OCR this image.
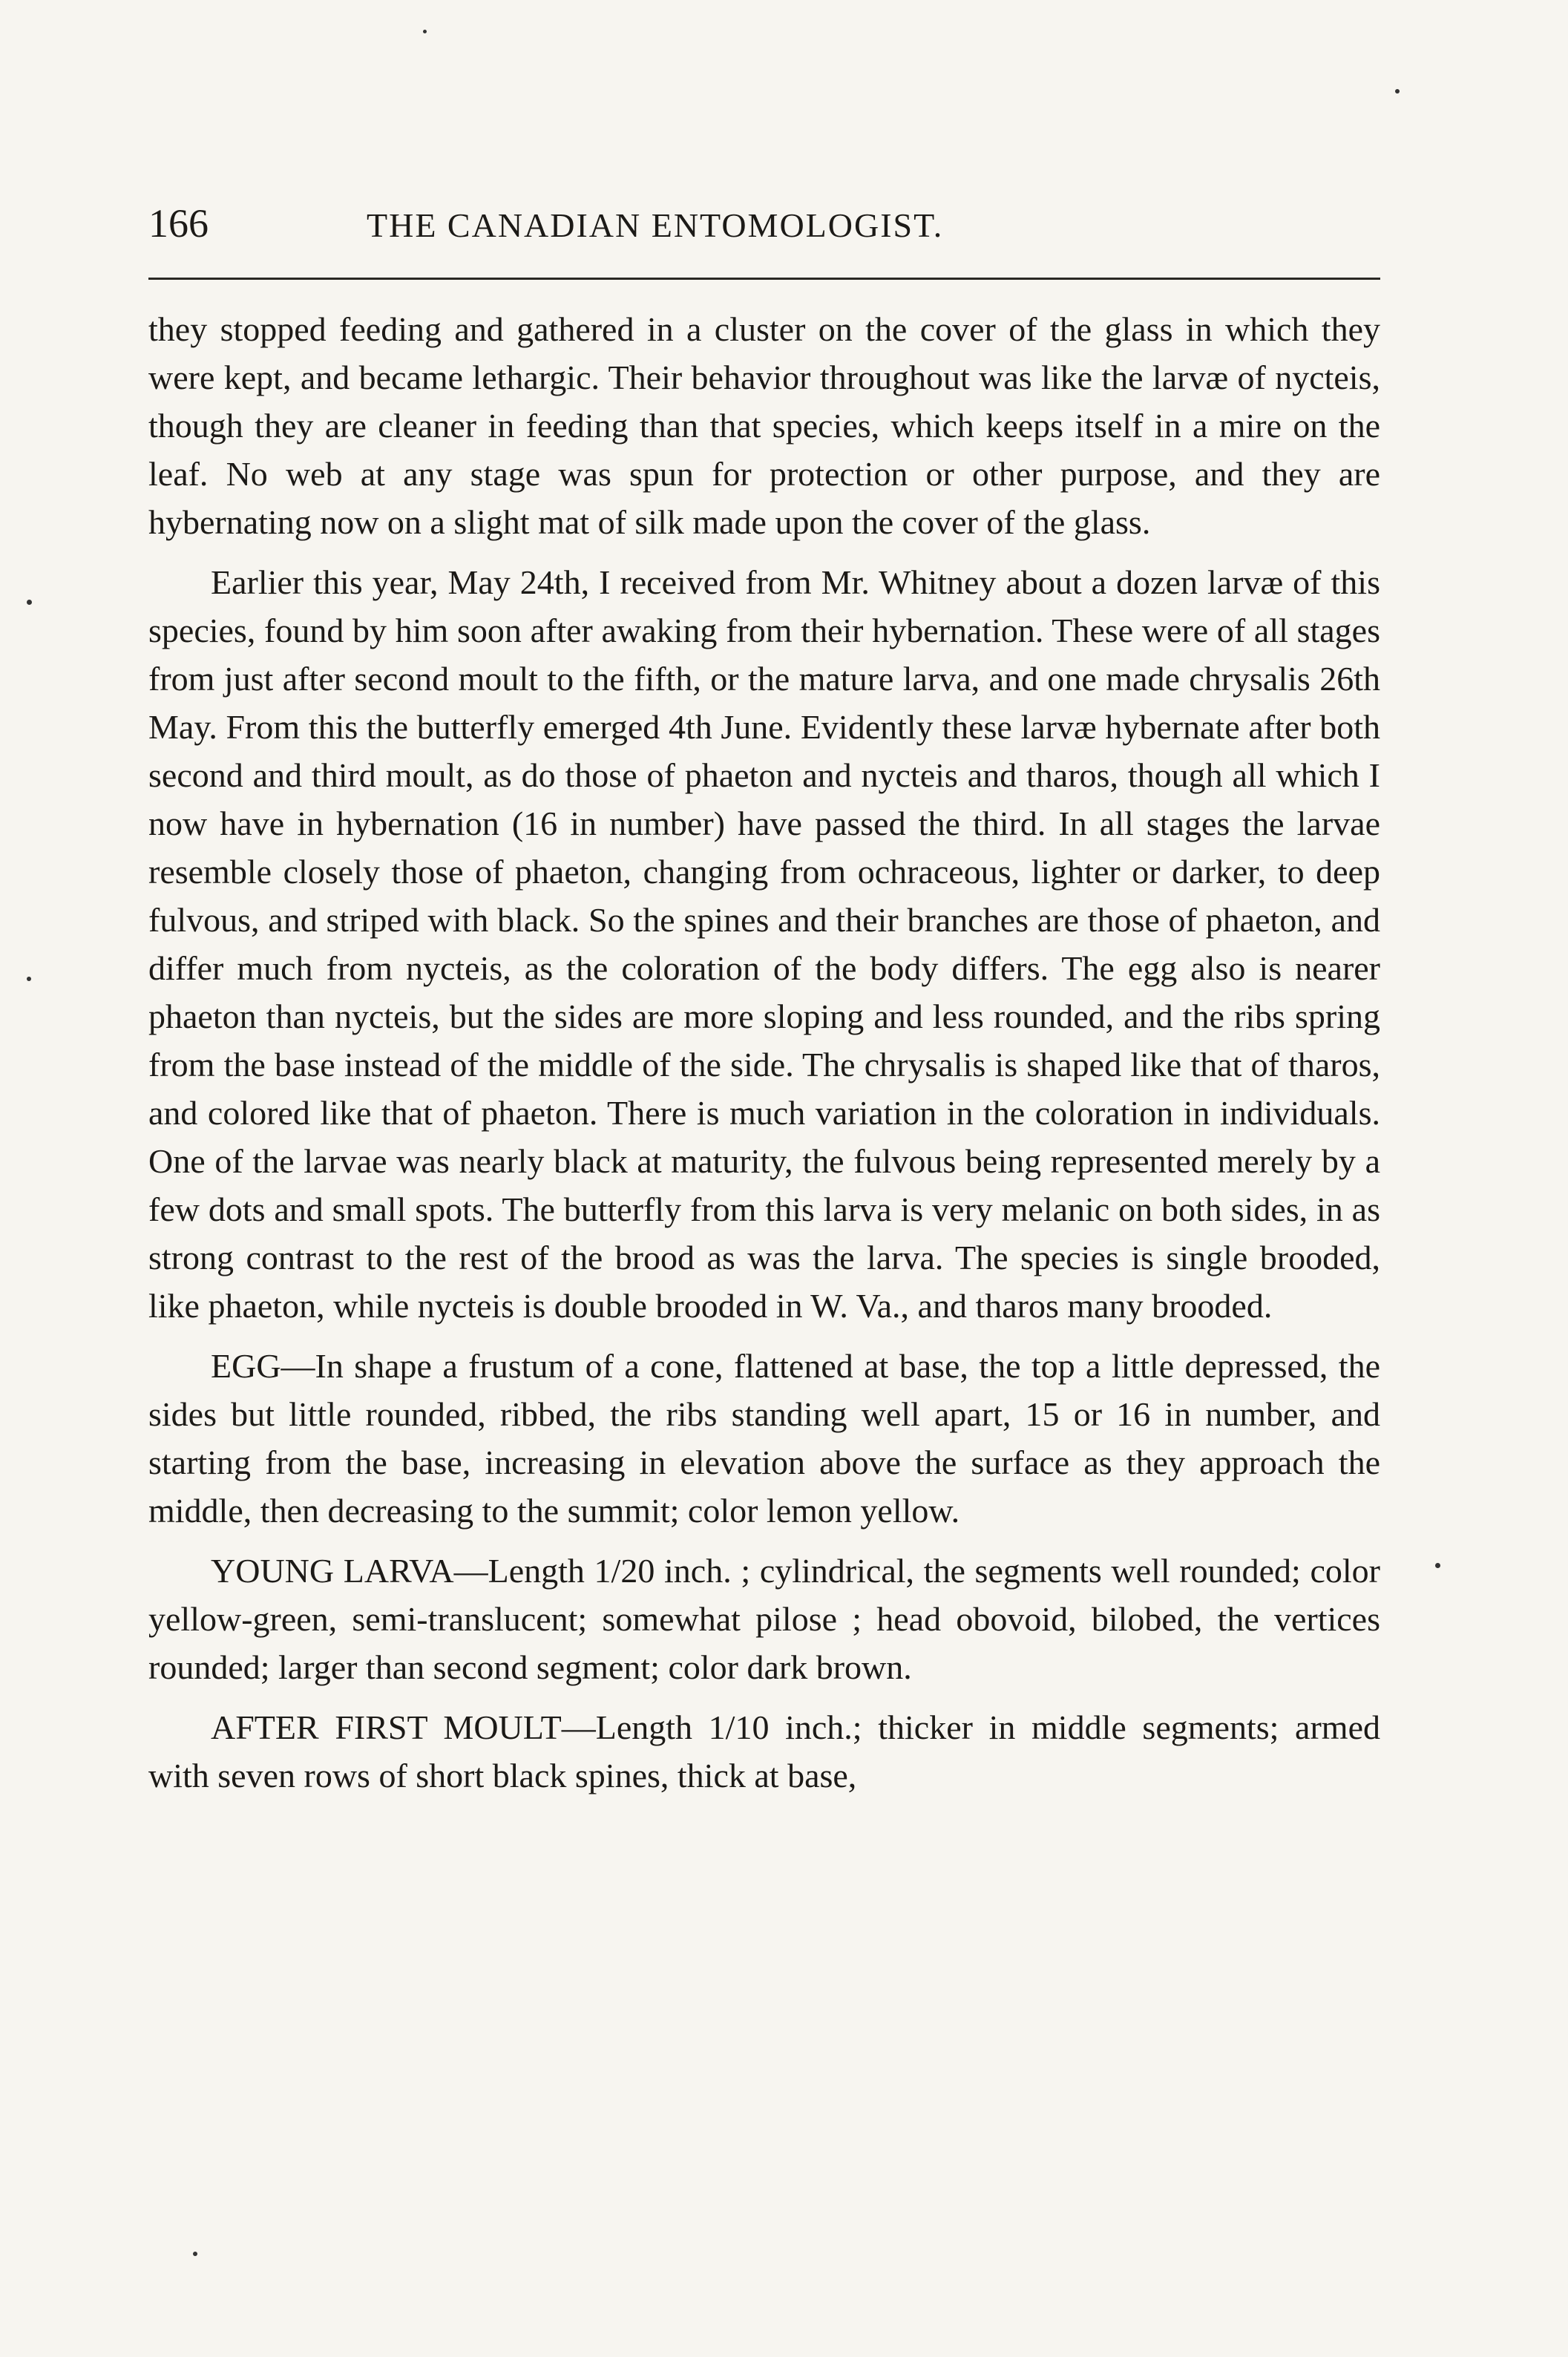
166	THE CANADIAN ENTOMOLOGIST.

they stopped feeding and gathered in a cluster on the cover of the glass in which they were kept, and became lethargic. Their behavior throughout was like the larvæ of nycteis, though they are cleaner in feeding than that species, which keeps itself in a mire on the leaf. No web at any stage was spun for protection or other purpose, and they are hybernating now on a slight mat of silk made upon the cover of the glass.

Earlier this year, May 24th, I received from Mr. Whitney about a dozen larvæ of this species, found by him soon after awaking from their hybernation. These were of all stages from just after second moult to the fifth, or the mature larva, and one made chrysalis 26th May. From this the butterfly emerged 4th June. Evidently these larvæ hybernate after both second and third moult, as do those of phaeton and nycteis and tharos, though all which I now have in hybernation (16 in number) have passed the third. In all stages the larvae resemble closely those of phaeton, changing from ochraceous, lighter or darker, to deep fulvous, and striped with black. So the spines and their branches are those of phaeton, and differ much from nycteis, as the coloration of the body differs. The egg also is nearer phaeton than nycteis, but the sides are more sloping and less rounded, and the ribs spring from the base instead of the middle of the side. The chrysalis is shaped like that of tharos, and colored like that of phaeton. There is much variation in the coloration in individuals. One of the larvae was nearly black at maturity, the fulvous being represented merely by a few dots and small spots. The butterfly from this larva is very melanic on both sides, in as strong contrast to the rest of the brood as was the larva. The species is single brooded, like phaeton, while nycteis is double brooded in W. Va., and tharos many brooded.

EGG—In shape a frustum of a cone, flattened at base, the top a little depressed, the sides but little rounded, ribbed, the ribs standing well apart, 15 or 16 in number, and starting from the base, increasing in elevation above the surface as they approach the middle, then decreasing to the summit; color lemon yellow.

YOUNG LARVA—Length 1/20 inch. ; cylindrical, the segments well rounded; color yellow-green, semi-translucent; somewhat pilose ; head obovoid, bilobed, the vertices rounded; larger than second segment; color dark brown.

AFTER FIRST MOULT—Length 1/10 inch.; thicker in middle segments; armed with seven rows of short black spines, thick at base,
